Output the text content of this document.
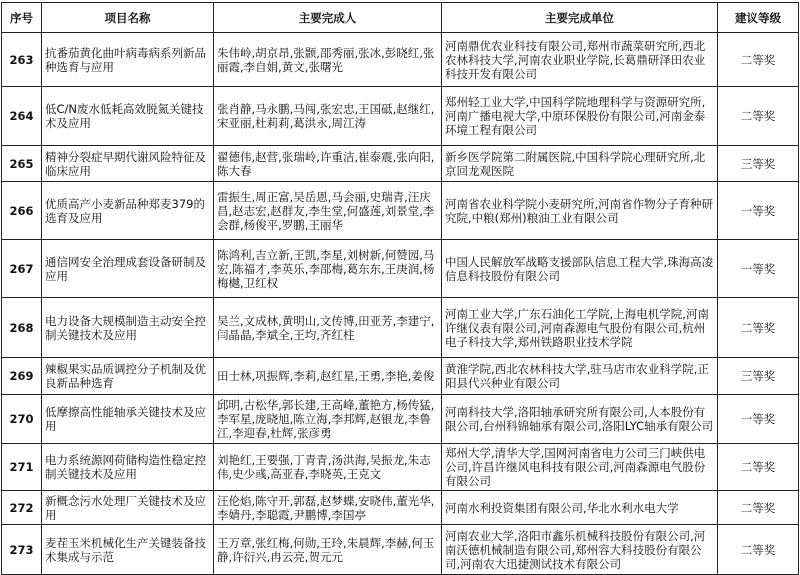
序号	项目名称	主要完成人	主要完成单位	建议等级
263	抗番茄黄化曲叶病毒病系列新品种选育与应用	朱伟岭,胡京昂,张颢,邵秀丽,张冰,彭晓红,张丽霞,李自娟,黄文,张曙光	河南鼎优农业科技有限公司,郑州市蔬菜研究所,西北农林科技大学,河南农业职业学院,长葛鼎研泽田农业科技开发有限公司	二等奖
264	低C/N废水低耗高效脱氮关键技术及应用	张肖静,马永鹏,马闯,张宏忠,王国砥,赵继红,宋亚丽,杜莉莉,葛洪永,周江涛	郑州轻工业大学,中国科学院地理科学与资源研究所,河南广播电视大学,中原环保股份有限公司,河南金泰环境工程有限公司	二等奖
265	精神分裂症早期代谢风险特征及临床应用	翟德伟,赵营,张瑞岭,许重洁,崔泰震,张向阳,陈大春	新乡医学院第二附属医院,中国科学院心理研究所,北京回龙观医院	三等奖
266	优质高产小麦新品种郑麦379的选育及应用	雷振生,周正富,吴岳恩,马会丽,史瑞青,汪庆昌,赵志宏,赵群友,李生堂,何盛莲,刘景堂,李会群,杨俊平,罗鹏,王丽华	河南省农业科学院小麦研究所,河南省作物分子育种研究院,中粮(郑州)粮油工业有限公司	一等奖
267	通信网安全治理成套设备研制及应用	陈鸿利,吉立新,王凯,李星,刘树新,何赞园,马宏,陈福才,李英乐,李邵梅,葛东东,王庚润,杨梅樾,卫红权	中国人民解放军战略支援部队信息工程大学,珠海高凌信息科技股份有限公司	一等奖
268	电力设备大规模制造主动安全控制关键技术及应用	吴兰,文成林,黄明山,文传博,田亚芳,李建宁,闫晶晶,李斌全,王均,齐红柱	河南工业大学,广东石油化工学院,上海电机学院,河南许继仪表有限公司,河南森源电气股份有限公司,杭州电子科技大学,郑州铁路职业技术学院	二等奖
269	辣椒果实品质调控分子机制及优良新品种选育	田士林,巩振辉,李莉,赵红星,王勇,李艳,姜俊	黄淮学院,西北农林科技大学,驻马店市农业科学院,正阳县代兴种业有限公司	三等奖
270	低摩擦高性能轴承关键技术及应用	邱明,古松华,郭长建,王高峰,董艳方,杨传猛,李军星,庞晓旭,陈立海,李邦辉,赵银龙,李鲁江,李迎春,杜辉,张彦勇	河南科技大学,洛阳轴承研究所有限公司,人本股份有限公司,台州科锦轴承有限公司,洛阳LYC轴承有限公司	一等奖
271	电力系统源网荷储构造性稳定控制关键技术及应用	刘艳红,王要强,丁青青,汤洪海,吴振龙,朱志伟,史少彧,高亚春,李晓英,王克文	郑州大学,清华大学,国网河南省电力公司三门峡供电公司,许昌许继风电科技有限公司,河南森源电气股份有限公司	二等奖
272	新概念污水处理厂关键技术及应用	汪伦焰,陈守开,郭磊,赵梦蝶,安晓伟,董光华,李婧丹,李聪霞,尹鹏博,李国亭	河南水利投资集团有限公司,华北水利水电大学	二等奖
273	麦茬玉米机械化生产关键装备技术集成与示范	王万章,张红梅,何勋,王玲,朱晨辉,李赫,何玉静,许衍兴,冉云亮,贺元元	河南农业大学,洛阳市鑫乐机械科技股份有限公司,河南沃德机械制造有限公司,郑州容大科技股份有限公司,河南农大迅捷测试技术有限公司	二等奖
